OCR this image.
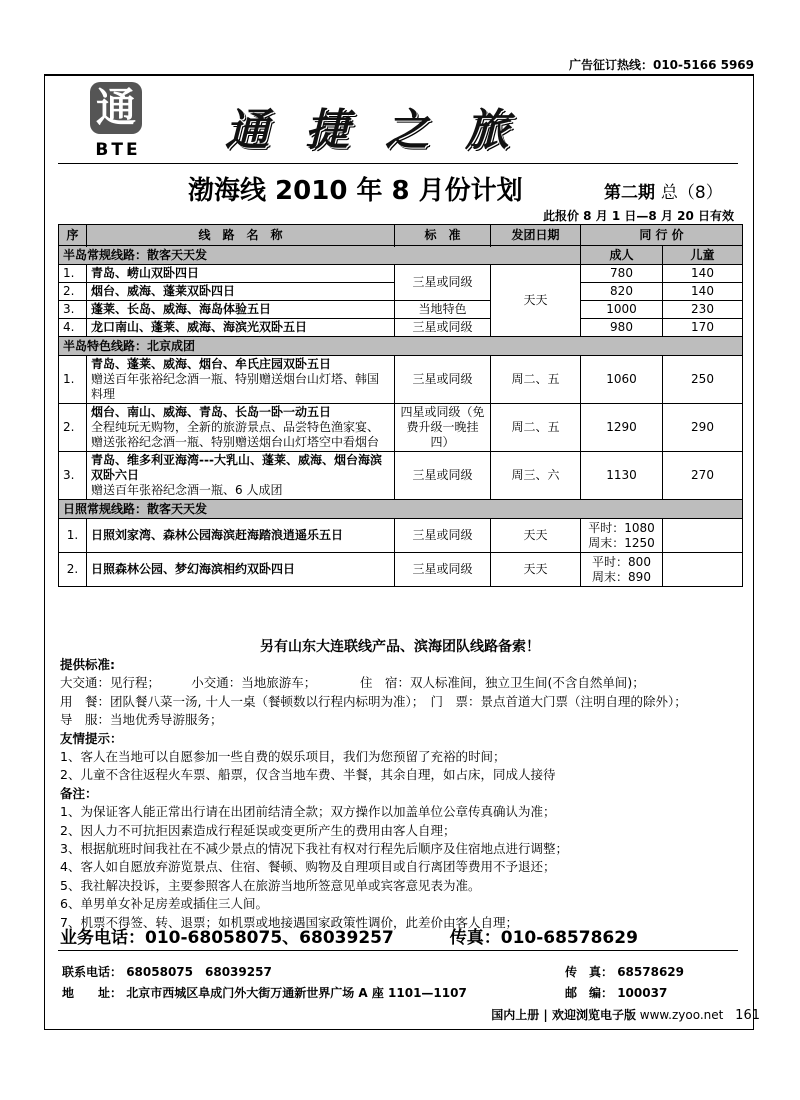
广告征订热线：010-5166 5969
通
BTE 通捷之旅
渤海线 2010 年 8 月份计划	第二期 总（8）
此报价 8 月 1 日—8 月 20 日有效
序	线　路　名　称	标　准	发团日期	同 行 价	

半岛常规线路：散客天天发				成人	儿童
1.	青岛、崂山双卧四日	三星或同级	天天	780	140
2.	烟台、威海、蓬莱双卧四日			820	140
3.	蓬莱、长岛、威海、海岛体验五日	当地特色		1000	230
4.	龙口南山、蓬莱、威海、海滨光双卧五日	三星或同级		980	170
半岛特色线路：北京成团					
1.	青岛、蓬莱、威海、烟台、牟氏庄园双卧五日
赠送百年张裕纪念酒一瓶、特别赠送烟台山灯塔、韩国料理	三星或同级	周二、五	1060	250
2.	烟台、南山、威海、青岛、长岛一卧一动五日
全程纯玩无购物，全新的旅游景点、品尝特色渔家宴、赠送张裕纪念酒一瓶、特别赠送烟台山灯塔空中看烟台	四星或同级（免费升级一晚挂四）	周二、五	1290	290
3.	青岛、维多利亚海湾---大乳山、蓬莱、威海、烟台海滨双卧六日
赠送百年张裕纪念酒一瓶、6 人成团	三星或同级	周三、六	1130	270
日照常规线路：散客天天发					
1.	日照刘家湾、森林公园海滨赶海踏浪逍遥乐五日	三星或同级	天天	平时：1080
周末：1250	
2.	日照森林公园、梦幻海滨相约双卧四日	三星或同级	天天	平时：800
周末：890	
另有山东大连联线产品、滨海团队线路备索！
提供标准:
大交通：见行程；　　　小交通：当地旅游车；　　　　住　宿：双人标准间，独立卫生间(不含自然单间)；
用　餐：团队餐八菜一汤, 十人一桌（餐顿数以行程内标明为准）；　门　票：景点首道大门票（注明自理的除外）；
导　服：当地优秀导游服务；
友情提示：
1、客人在当地可以自愿参加一些自费的娱乐项目，我们为您预留了充裕的时间；
2、儿童不含往返程火车票、船票，仅含当地车费、半餐，其余自理，如占床，同成人接待
备注：
1、为保证客人能正常出行请在出团前结清全款；双方操作以加盖单位公章传真确认为准；
2、因人力不可抗拒因素造成行程延误或变更所产生的费用由客人自理；
3、根据航班时间我社在不减少景点的情况下我社有权对行程先后顺序及住宿地点进行调整；
4、客人如自愿放弃游览景点、住宿、餐顿、购物及自理项目或自行离团等费用不予退还；
5、我社解决投诉，主要参照客人在旅游当地所签意见单或宾客意见表为准。
6、单男单女补足房差或插住三人间。
7、机票不得签、转、退票；如机票或地接遇国家政策性调价，此差价由客人自理；
业务电话：010-68058075、68039257	传真：010-68578629
联系电话： 68058075　68039257
地　　址： 北京市西城区阜成门外大街万通新世界广场 A 座 1101—1107
传　真： 68578629
邮　编： 100037
国内上册 | 欢迎浏览电子版 www.zyoo.net 161
